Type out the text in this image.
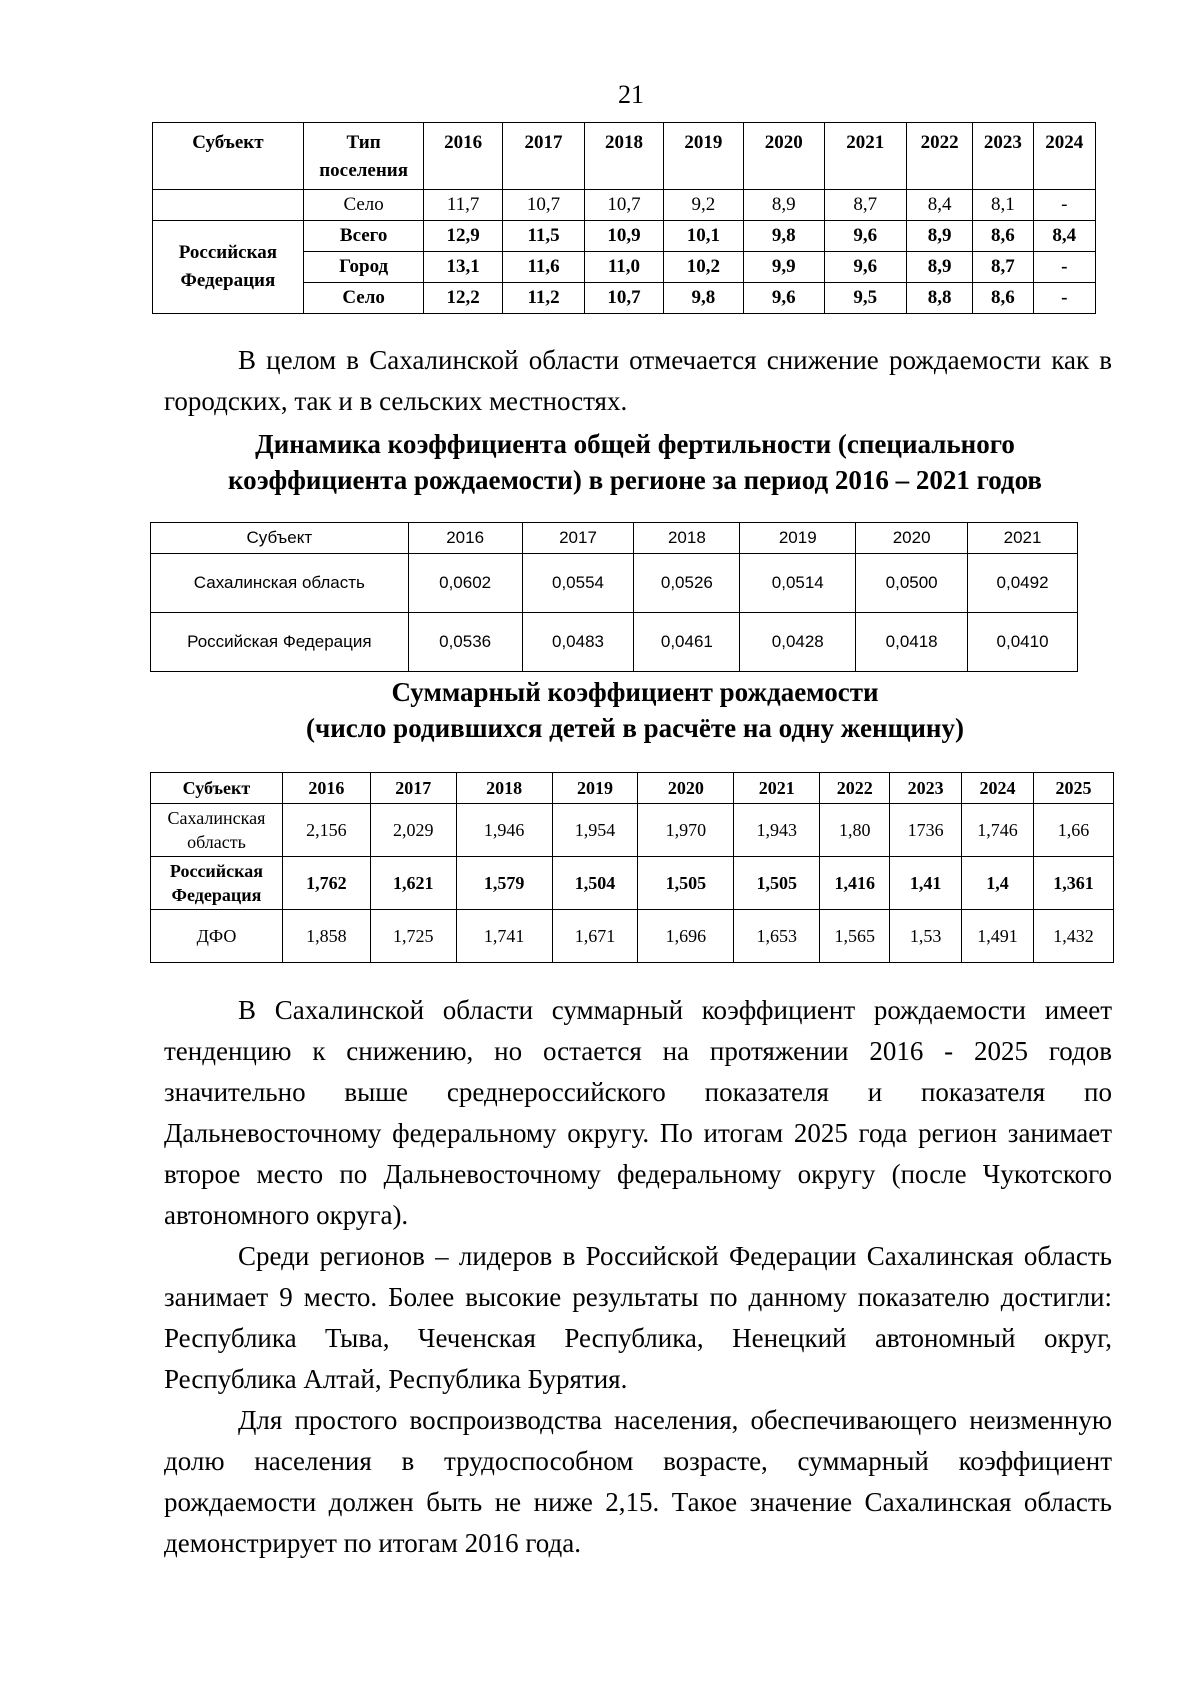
21
Субъект	Тип поселения	2016	2017	2018	2019	2020	2021	2022	2023	2024
	Село	11,7	10,7	10,7	9,2	8,9	8,7	8,4	8,1	-
Российская Федерация	Всего	12,9	11,5	10,9	10,1	9,8	9,6	8,9	8,6	8,4
	Город	13,1	11,6	11,0	10,2	9,9	9,6	8,9	8,7	-
	Село	12,2	11,2	10,7	9,8	9,6	9,5	8,8	8,6	-
В целом в Сахалинской области отмечается снижение рождаемости как в городских, так и в сельских местностях.
Динамика коэффициента общей фертильности (специального
коэффициента рождаемости) в регионе за период 2016 – 2021 годов
Субъект	2016	2017	2018	2019	2020	2021
Сахалинская область	0,0602	0,0554	0,0526	0,0514	0,0500	0,0492
Российская Федерация	0,0536	0,0483	0,0461	0,0428	0,0418	0,0410
Суммарный коэффициент рождаемости
(число родившихся детей в расчёте на одну женщину)
Субъект	2016	2017	2018	2019	2020	2021	2022	2023	2024	2025
Сахалинская область	2,156	2,029	1,946	1,954	1,970	1,943	1,80	1736	1,746	1,66
Российская Федерация	1,762	1,621	1,579	1,504	1,505	1,505	1,416	1,41	1,4	1,361
ДФО	1,858	1,725	1,741	1,671	1,696	1,653	1,565	1,53	1,491	1,432
В Сахалинской области суммарный коэффициент рождаемости имеет тенденцию к снижению, но остается на протяжении 2016 - 2025 годов значительно выше среднероссийского показателя и показателя по Дальневосточному федеральному округу. По итогам 2025 года регион занимает второе место по Дальневосточному федеральному округу (после Чукотского автономного округа).
Среди регионов – лидеров в Российской Федерации Сахалинская область занимает 9 место. Более высокие результаты по данному показателю достигли: Республика Тыва, Чеченская Республика, Ненецкий автономный округ, Республика Алтай, Республика Бурятия.
Для простого воспроизводства населения, обеспечивающего неизменную долю населения в трудоспособном возрасте, суммарный коэффициент рождаемости должен быть не ниже 2,15. Такое значение Сахалинская область демонстрирует по итогам 2016 года.
